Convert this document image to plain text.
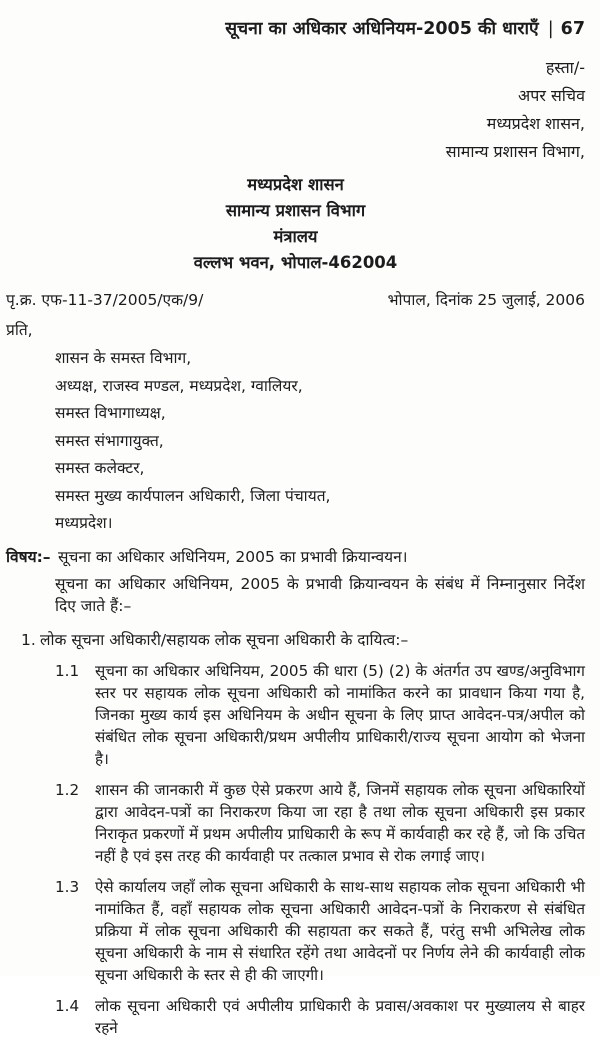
सूचना का अधिकार अधिनियम-2005 की धाराएँ | 67
हस्ता/-
अपर सचिव
मध्यप्रदेश शासन,
सामान्य प्रशासन विभाग,
मध्यप्रदेश शासन
सामान्य प्रशासन विभाग
मंत्रालय
वल्लभ भवन, भोपाल-462004
पृ.क्र. एफ-11-37/2005/एक/9/	भोपाल, दिनांक 25 जुलाई, 2006
प्रति,
शासन के समस्त विभाग,
अध्यक्ष, राजस्व मण्डल, मध्यप्रदेश, ग्वालियर,
समस्त विभागाध्यक्ष,
समस्त संभागायुक्त,
समस्त कलेक्टर,
समस्त मुख्य कार्यपालन अधिकारी, जिला पंचायत,
मध्यप्रदेश।
विषय:– सूचना का अधिकार अधिनियम, 2005 का प्रभावी क्रियान्वयन।
सूचना का अधिकार अधिनियम, 2005 के प्रभावी क्रियान्वयन के संबंध में निम्नानुसार निर्देश दिए जाते हैं:–
1. लोक सूचना अधिकारी/सहायक लोक सूचना अधिकारी के दायित्व:–
1.1	सूचना का अधिकार अधिनियम, 2005 की धारा (5) (2) के अंतर्गत उप खण्ड/अनुविभाग स्तर पर सहायक लोक सूचना अधिकारी को नामांकित करने का प्रावधान किया गया है, जिनका मुख्य कार्य इस अधिनियम के अधीन सूचना के लिए प्राप्त आवेदन-पत्र/अपील को संबंधित लोक सूचना अधिकारी/प्रथम अपीलीय प्राधिकारी/राज्य सूचना आयोग को भेजना है।
1.2	शासन की जानकारी में कुछ ऐसे प्रकरण आये हैं, जिनमें सहायक लोक सूचना अधिकारियों द्वारा आवेदन-पत्रों का निराकरण किया जा रहा है तथा लोक सूचना अधिकारी इस प्रकार निराकृत प्रकरणों में प्रथम अपीलीय प्राधिकारी के रूप में कार्यवाही कर रहे हैं, जो कि उचित नहीं है एवं इस तरह की कार्यवाही पर तत्काल प्रभाव से रोक लगाई जाए।
1.3	ऐसे कार्यालय जहाँ लोक सूचना अधिकारी के साथ-साथ सहायक लोक सूचना अधिकारी भी नामांकित हैं, वहाँ सहायक लोक सूचना अधिकारी आवेदन-पत्रों के निराकरण से संबंधित प्रक्रिया में लोक सूचना अधिकारी की सहायता कर सकते हैं, परंतु सभी अभिलेख लोक सूचना अधिकारी के नाम से संधारित रहेंगे तथा आवेदनों पर निर्णय लेने की कार्यवाही लोक सूचना अधिकारी के स्तर से ही की जाएगी।
1.4	लोक सूचना अधिकारी एवं अपीलीय प्राधिकारी के प्रवास/अवकाश पर मुख्यालय से बाहर रहने
